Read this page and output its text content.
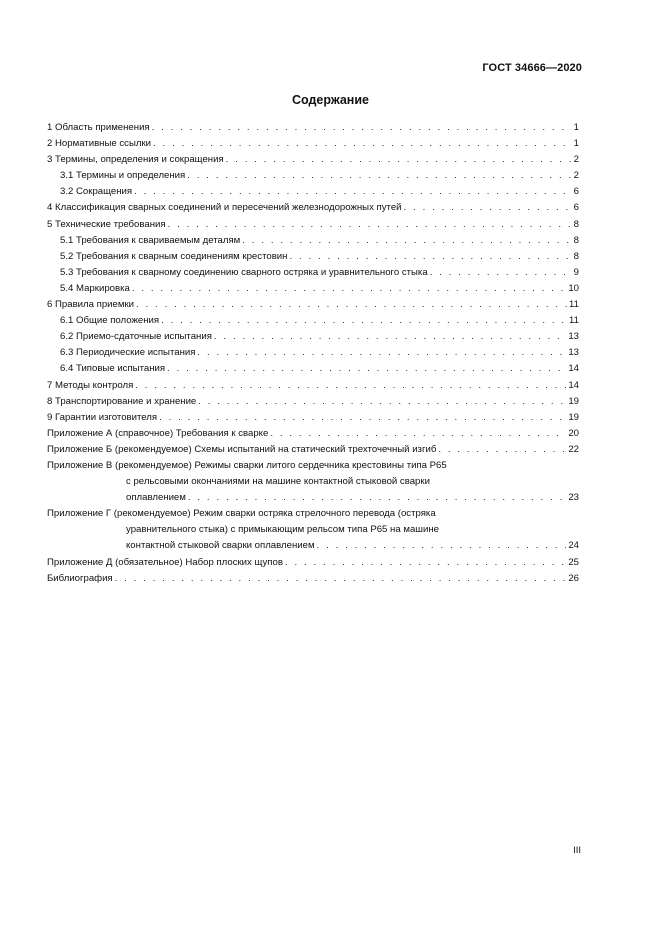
ГОСТ 34666—2020
Содержание
1 Область применения . . .	1
2 Нормативные ссылки . . .	1
3 Термины, определения и сокращения . . .	2
3.1 Термины и определения . . .	2
3.2 Сокращения . . .	6
4 Классификация сварных соединений и пересечений железнодорожных путей . . .	6
5 Технические требования . . .	8
5.1 Требования к свариваемым деталям . . .	8
5.2 Требования к сварным соединениям крестовин . . .	8
5.3 Требования к сварному соединению сварного остряка и уравнительного стыка . . .	9
5.4 Маркировка . . .	10
6 Правила приемки . . .	11
6.1 Общие положения . . .	11
6.2 Приемо-сдаточные испытания . . .	13
6.3 Периодические испытания . . .	13
6.4 Типовые испытания . . .	14
7 Методы контроля . . .	14
8 Транспортирование и хранение . . .	19
9 Гарантии изготовителя . . .	19
Приложение А (справочное) Требования к сварке . . .	20
Приложение Б (рекомендуемое) Схемы испытаний на статический трехточечный изгиб . . .	22
Приложение В (рекомендуемое) Режимы сварки литого сердечника крестовины типа Р65
с рельсовыми окончаниями на машине контактной стыковой сварки
оплавлением . . .	23
Приложение Г (рекомендуемое) Режим сварки остряка стрелочного перевода (остряка
уравнительного стыка) с примыкающим рельсом типа Р65 на машине
контактной стыковой сварки оплавлением . . .	24
Приложение Д (обязательное) Набор плоских щупов . . .	25
Библиография . . .	26
III
